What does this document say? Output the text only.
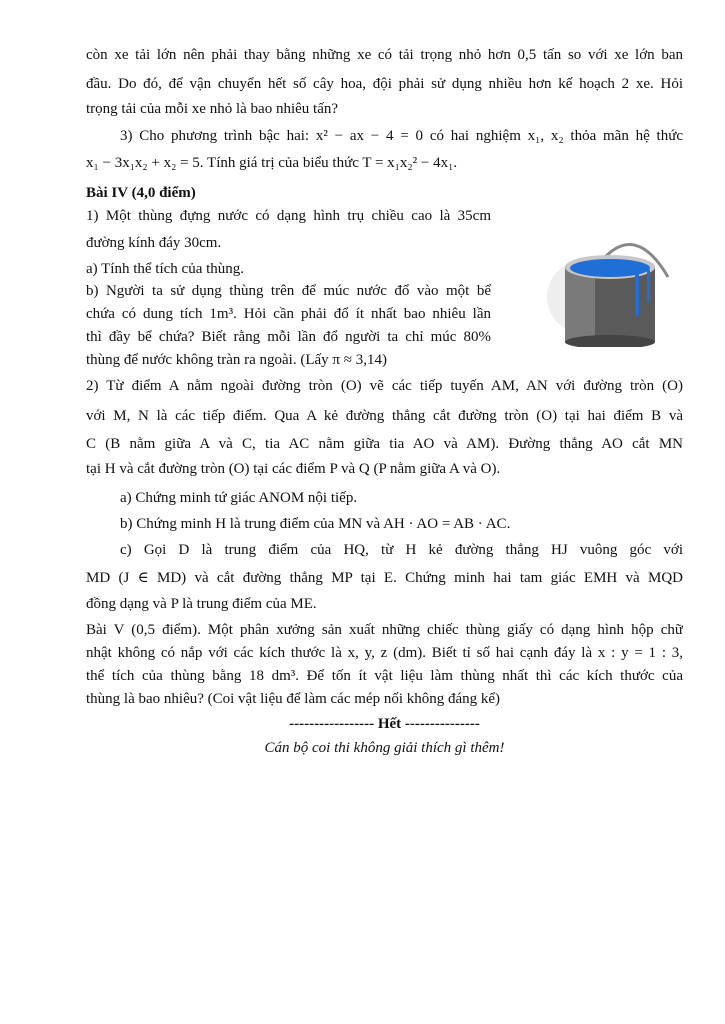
còn xe tải lớn nên phải thay bằng những xe có tải trọng nhỏ hơn 0,5 tấn so với xe lớn ban
đầu. Do đó, để vận chuyển hết số cây hoa, đội phải sử dụng nhiều hơn kế hoạch 2 xe. Hỏi
trọng tải của mỗi xe nhỏ là bao nhiêu tấn?
3) Cho phương trình bậc hai: x² − ax − 4 = 0 có hai nghiệm x₁, x₂ thỏa mãn hệ thức
x₁ − 3x₁x₂ + x₂ = 5. Tính giá trị của biểu thức T = x₁x₂² − 4x₁.
Bài IV (4,0 điểm)
1) Một thùng đựng nước có dạng hình trụ chiều cao là 35cm
đường kính đáy 30cm.
a) Tính thể tích của thùng.
b) Người ta sử dụng thùng trên để múc nước đổ vào một bể
chứa có dung tích 1m³. Hỏi cần phải đổ ít nhất bao nhiêu lần
thì đầy bể chứa? Biết rằng mỗi lần đổ người ta chỉ múc 80%
thùng để nước không tràn ra ngoài. (Lấy π ≈ 3,14)
2) Từ điểm A nằm ngoài đường tròn (O) vẽ các tiếp tuyến AM, AN với đường tròn (O)
với M, N là các tiếp điểm. Qua A kẻ đường thẳng cắt đường tròn (O) tại hai điểm B và
C (B nằm giữa A và C, tia AC nằm giữa tia AO và AM). Đường thẳng AO cắt MN
tại H và cắt đường tròn (O) tại các điểm P và Q (P nằm giữa A và O).
a) Chứng minh tứ giác ANOM nội tiếp.
b) Chứng minh H là trung điểm của MN và AH · AO = AB · AC.
c) Gọi D là trung điểm của HQ, từ H kẻ đường thẳng HJ vuông góc với
MD (J ∈ MD) và cắt đường thẳng MP tại E. Chứng minh hai tam giác EMH và MQD
đồng dạng và P là trung điểm của ME.
Bài V (0,5 điểm). Một phân xưởng sản xuất những chiếc thùng giấy có dạng hình hộp chữ
nhật không có nắp với các kích thước là x, y, z (dm). Biết tỉ số hai cạnh đáy là x : y = 1 : 3,
thể tích của thùng bằng 18 dm³. Để tốn ít vật liệu làm thùng nhất thì các kích thước của
thùng là bao nhiêu? (Coi vật liệu để làm các mép nối không đáng kể)
----------------- Hết ---------------
Cán bộ coi thi không giải thích gì thêm!
